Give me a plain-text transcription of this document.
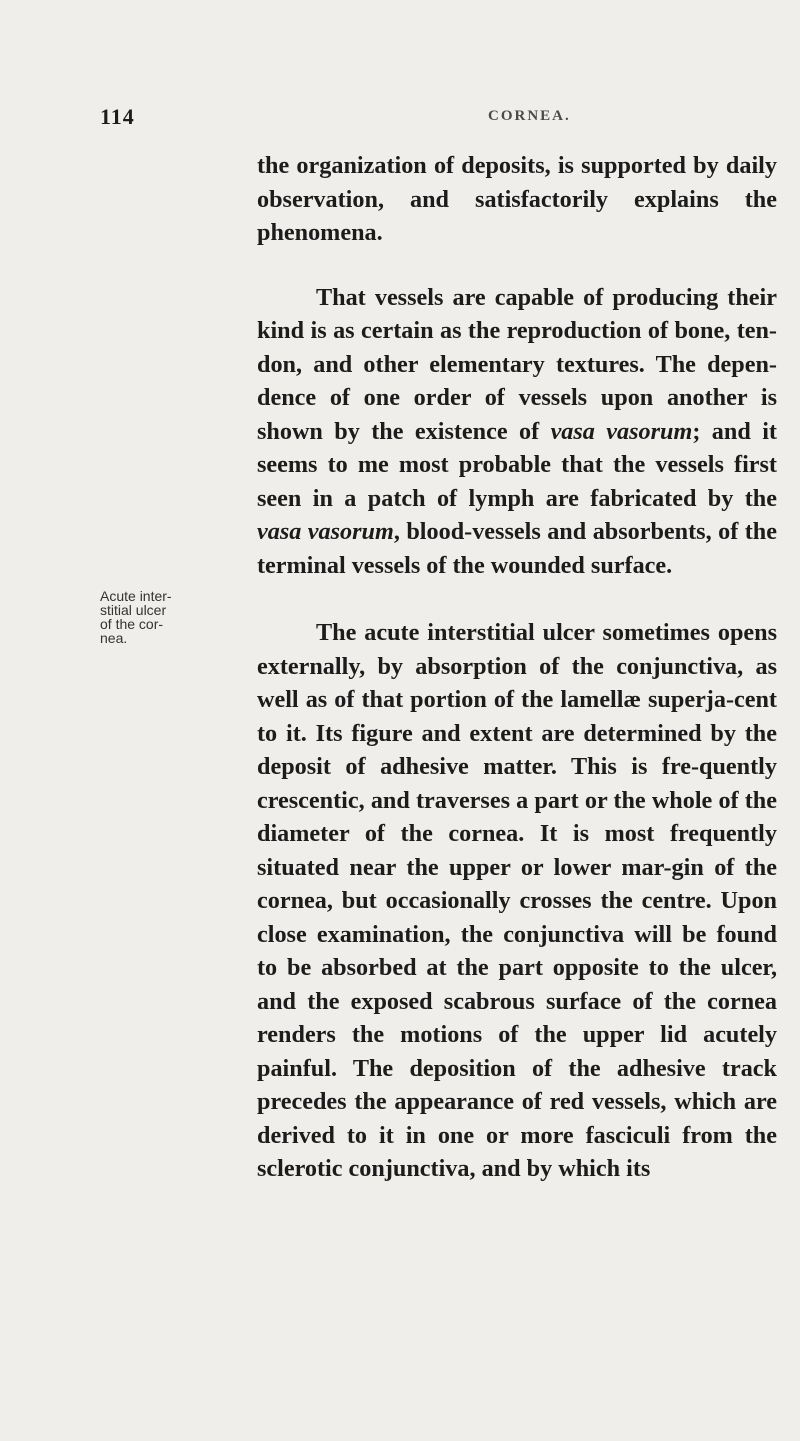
114	CORNEA.
Acute inter-
stitial ulcer
of the cor-
nea.

the organization of deposits, is supported by daily observation, and satisfactorily explains the phenomena.

That vessels are capable of producing their kind is as certain as the reproduction of bone, ten-don, and other elementary textures. The depen-dence of one order of vessels upon another is shown by the existence of vasa vasorum; and it seems to me most probable that the vessels first seen in a patch of lymph are fabricated by the vasa vasorum, blood-vessels and absorbents, of the terminal vessels of the wounded surface.

The acute interstitial ulcer sometimes opens externally, by absorption of the conjunctiva, as well as of that portion of the lamellæ superja-cent to it. Its figure and extent are determined by the deposit of adhesive matter. This is fre-quently crescentic, and traverses a part or the whole of the diameter of the cornea. It is most frequently situated near the upper or lower mar-gin of the cornea, but occasionally crosses the centre. Upon close examination, the conjunctiva will be found to be absorbed at the part opposite to the ulcer, and the exposed scabrous surface of the cornea renders the motions of the upper lid acutely painful. The deposition of the adhesive track precedes the appearance of red vessels, which are derived to it in one or more fasciculi from the sclerotic conjunctiva, and by which its
